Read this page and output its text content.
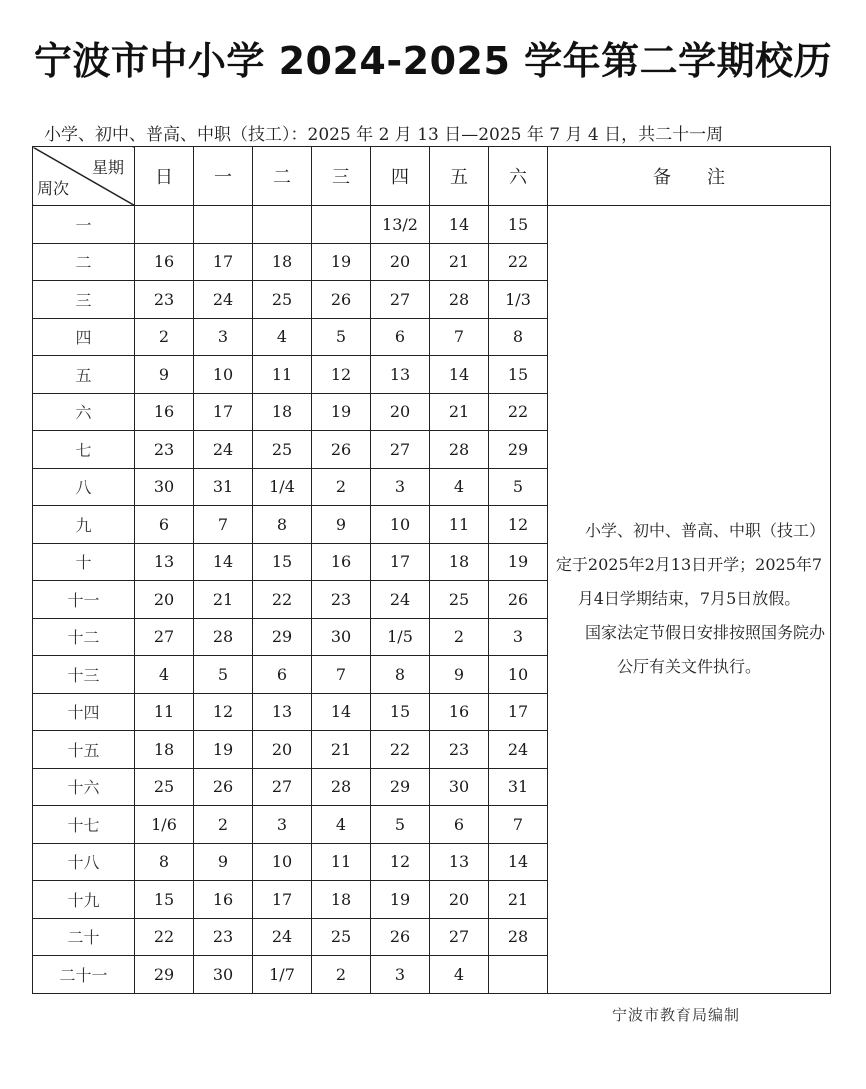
宁波市中小学 2024-2025 学年第二学期校历
小学、初中、普高、中职（技工）：2025 年 2 月 13 日—2025 年 7 月 4 日，共二十一周
星期
周次	日	一	二	三	四	五	六	备　　注
一					13/2	14	15	小学、初中、普高、中职（技工）定于2025年2月13日开学；2025年7月4日学期结束，7月5日放假。

国家法定节假日安排按照国务院办公厅有关文件执行。

二	16	17	18	19	20	21	22	
三	23	24	25	26	27	28	1/3	
四	2	3	4	5	6	7	8	
五	9	10	11	12	13	14	15	
六	16	17	18	19	20	21	22	
七	23	24	25	26	27	28	29	
八	30	31	1/4	2	3	4	5	
九	6	7	8	9	10	11	12	
十	13	14	15	16	17	18	19	
十一	20	21	22	23	24	25	26	
十二	27	28	29	30	1/5	2	3	
十三	4	5	6	7	8	9	10	
十四	11	12	13	14	15	16	17	
十五	18	19	20	21	22	23	24	
十六	25	26	27	28	29	30	31	
十七	1/6	2	3	4	5	6	7	
十八	8	9	10	11	12	13	14	
十九	15	16	17	18	19	20	21	
二十	22	23	24	25	26	27	28	
二十一	29	30	1/7	2	3	4		
宁波市教育局编制
